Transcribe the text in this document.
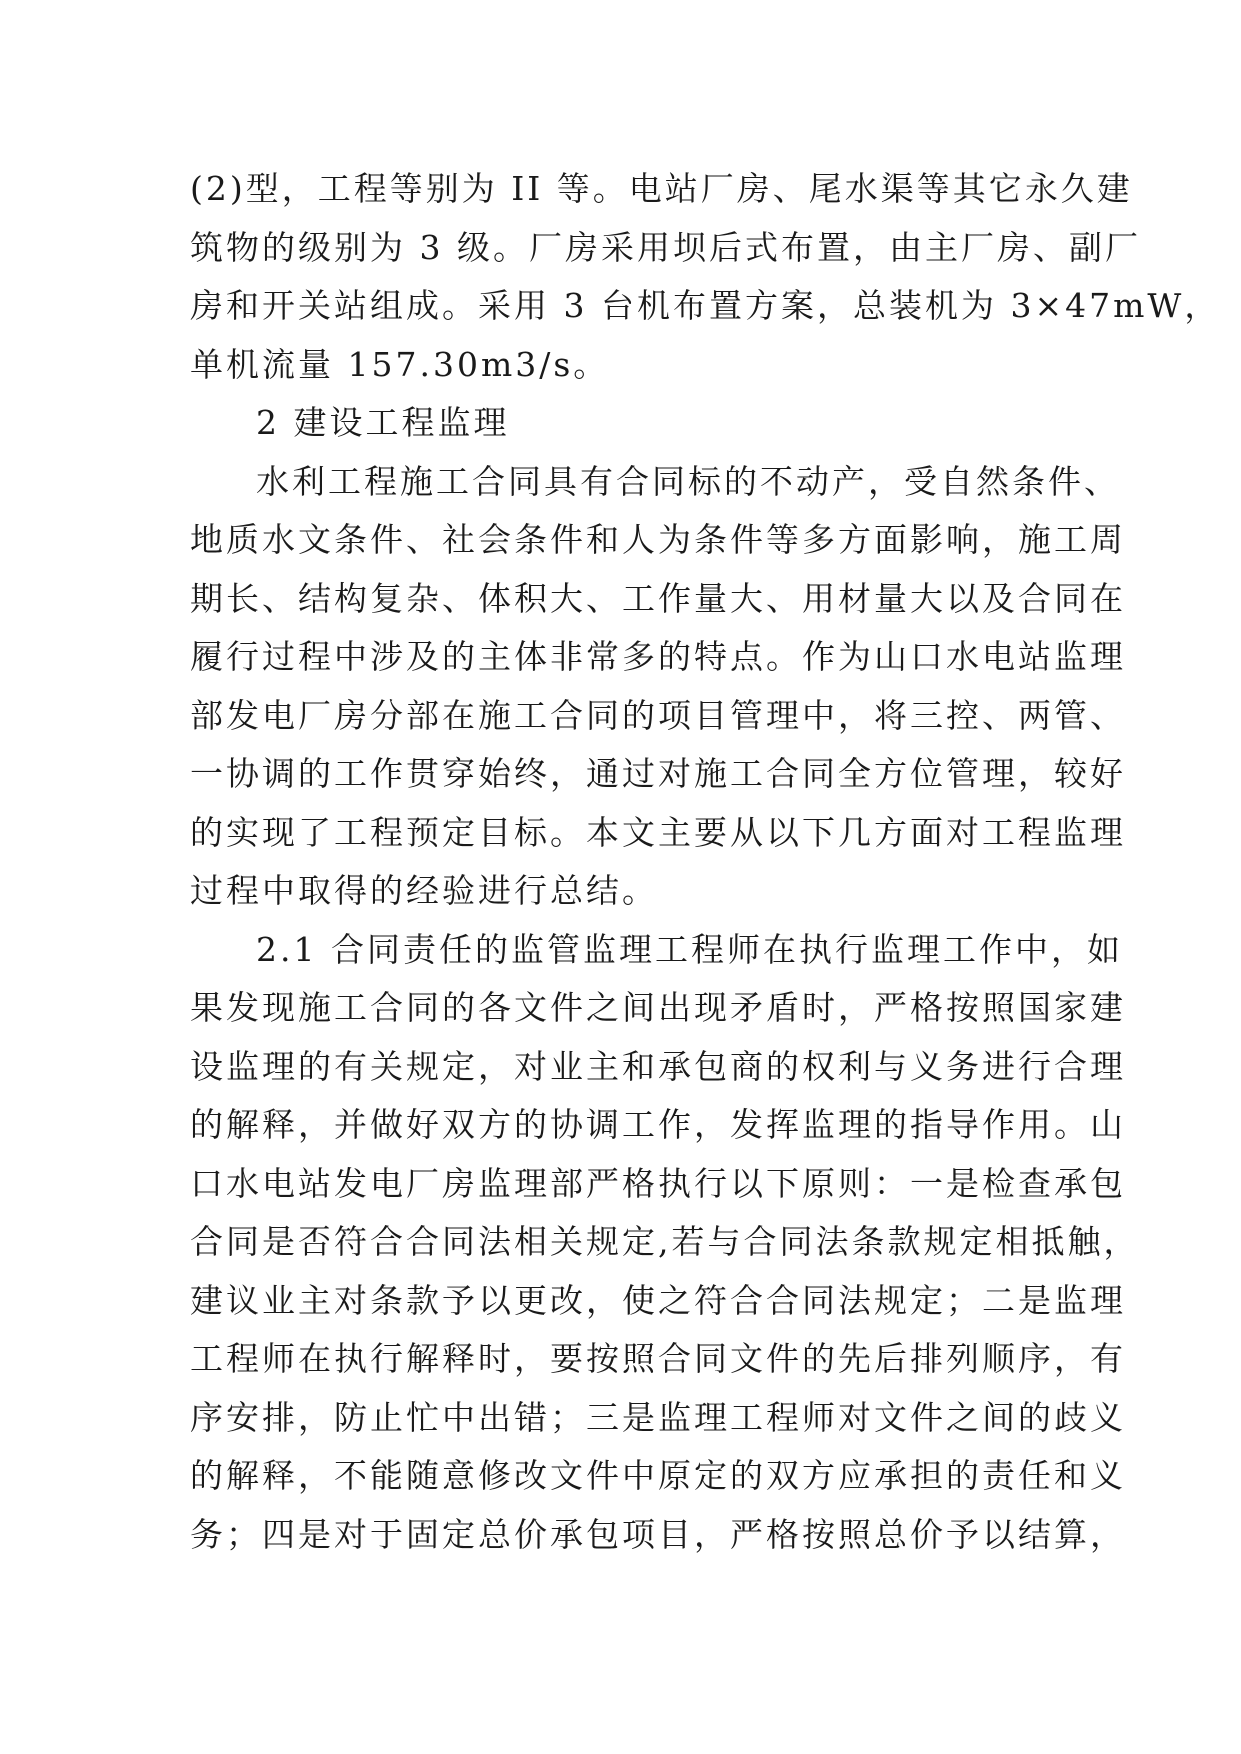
(2)型，工程等别为 II 等。电站厂房、尾水渠等其它永久建
筑物的级别为 3 级。厂房采用坝后式布置，由主厂房、副厂
房和开关站组成。采用 3 台机布置方案，总装机为 3×47mW，
单机流量 157.30m3/s。
2 建设工程监理
水利工程施工合同具有合同标的不动产，受自然条件、
地质水文条件、社会条件和人为条件等多方面影响，施工周
期长、结构复杂、体积大、工作量大、用材量大以及合同在
履行过程中涉及的主体非常多的特点。作为山口水电站监理
部发电厂房分部在施工合同的项目管理中，将三控、两管、
一协调的工作贯穿始终，通过对施工合同全方位管理，较好
的实现了工程预定目标。本文主要从以下几方面对工程监理
过程中取得的经验进行总结。
2.1 合同责任的监管监理工程师在执行监理工作中，如
果发现施工合同的各文件之间出现矛盾时，严格按照国家建
设监理的有关规定，对业主和承包商的权利与义务进行合理
的解释，并做好双方的协调工作，发挥监理的指导作用。山
口水电站发电厂房监理部严格执行以下原则：一是检查承包
合同是否符合合同法相关规定,若与合同法条款规定相抵触，
建议业主对条款予以更改，使之符合合同法规定；二是监理
工程师在执行解释时，要按照合同文件的先后排列顺序，有
序安排，防止忙中出错；三是监理工程师对文件之间的歧义
的解释，不能随意修改文件中原定的双方应承担的责任和义
务；四是对于固定总价承包项目，严格按照总价予以结算，
